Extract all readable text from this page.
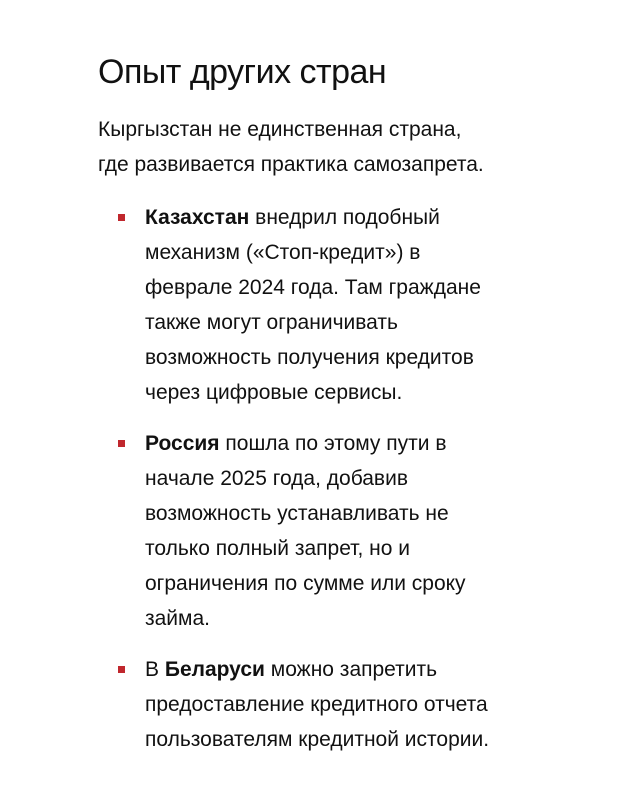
Опыт других стран

Кыргызстан не единственная страна,
где развивается практика самозапрета.

Казахстан внедрил подобный
механизм («Стоп-кредит») в
феврале 2024 года. Там граждане
также могут ограничивать
возможность получения кредитов
через цифровые сервисы.
Россия пошла по этому пути в
начале 2025 года, добавив
возможность устанавливать не
только полный запрет, но и
ограничения по сумме или сроку
займа.
В Беларуси можно запретить
предоставление кредитного отчета
пользователям кредитной истории.
